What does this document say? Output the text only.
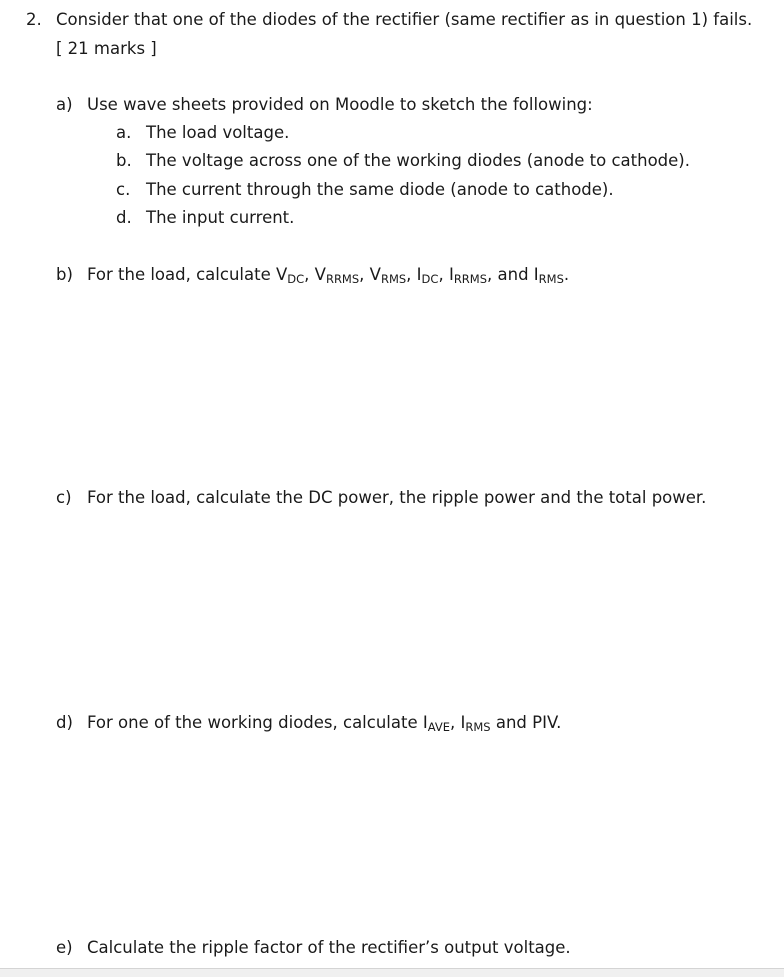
2. Consider that one of the diodes of the rectifier (same rectifier as in question 1) fails.
[ 21 marks ]
a) Use wave sheets provided on Moodle to sketch the following:
a. The load voltage.
b. The voltage across one of the working diodes (anode to cathode).
c. The current through the same diode (anode to cathode).
d. The input current.
b) For the load, calculate $V_{DC}$, $V_{RRMS}$, $V_{RMS}$, $I_{DC}$, $I_{RRMS}$, and $I_{RMS}$.
c) For the load, calculate the DC power, the ripple power and the total power.
d) For one of the working diodes, calculate $I_{AVE}$, $I_{RMS}$ and PIV.
e) Calculate the ripple factor of the rectifier’s output voltage.
